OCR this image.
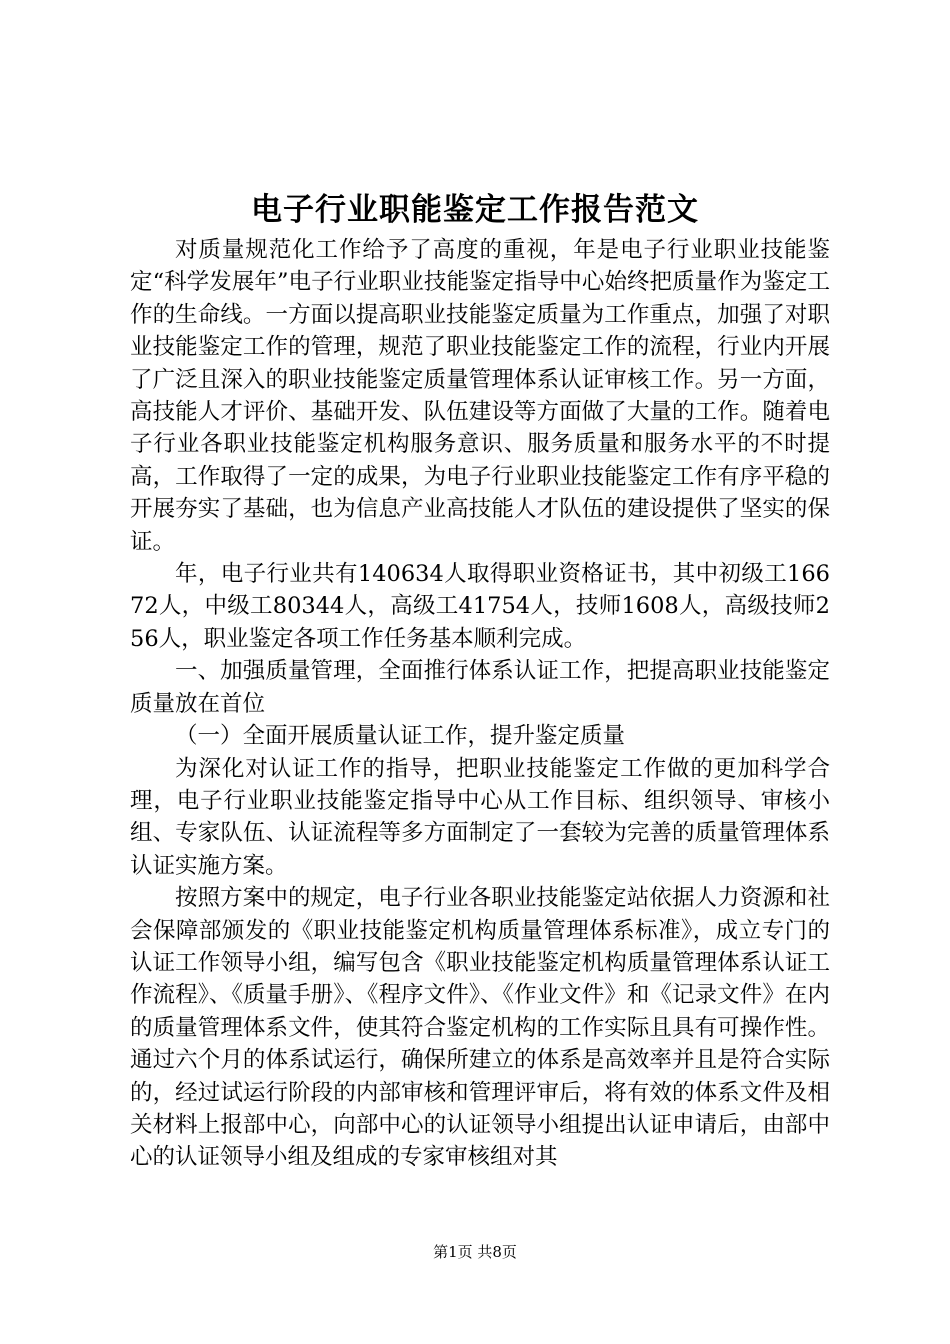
电子行业职能鉴定工作报告范文

对质量规范化工作给予了高度的重视，年是电子行业职业技能鉴定“科学发展年”电子行业职业技能鉴定指导中心始终把质量作为鉴定工作的生命线。一方面以提高职业技能鉴定质量为工作重点，加强了对职业技能鉴定工作的管理，规范了职业技能鉴定工作的流程，行业内开展了广泛且深入的职业技能鉴定质量管理体系认证审核工作。另一方面，高技能人才评价、基础开发、队伍建设等方面做了大量的工作。随着电子行业各职业技能鉴定机构服务意识、服务质量和服务水平的不时提高，工作取得了一定的成果，为电子行业职业技能鉴定工作有序平稳的开展夯实了基础，也为信息产业高技能人才队伍的建设提供了坚实的保证。

年，电子行业共有140634人取得职业资格证书，其中初级工16672人，中级工80344人，高级工41754人，技师1608人，高级技师256人，职业鉴定各项工作任务基本顺利完成。

一、加强质量管理，全面推行体系认证工作，把提高职业技能鉴定质量放在首位

（一）全面开展质量认证工作，提升鉴定质量

为深化对认证工作的指导，把职业技能鉴定工作做的更加科学合理，电子行业职业技能鉴定指导中心从工作目标、组织领导、审核小组、专家队伍、认证流程等多方面制定了一套较为完善的质量管理体系认证实施方案。

按照方案中的规定，电子行业各职业技能鉴定站依据人力资源和社会保障部颁发的《职业技能鉴定机构质量管理体系标准》，成立专门的认证工作领导小组，编写包含《职业技能鉴定机构质量管理体系认证工作流程》、《质量手册》、《程序文件》、《作业文件》和《记录文件》在内的质量管理体系文件，使其符合鉴定机构的工作实际且具有可操作性。通过六个月的体系试运行，确保所建立的体系是高效率并且是符合实际的，经过试运行阶段的内部审核和管理评审后，将有效的体系文件及相关材料上报部中心，向部中心的认证领导小组提出认证申请后，由部中心的认证领导小组及组成的专家审核组对其

第1页 共8页
